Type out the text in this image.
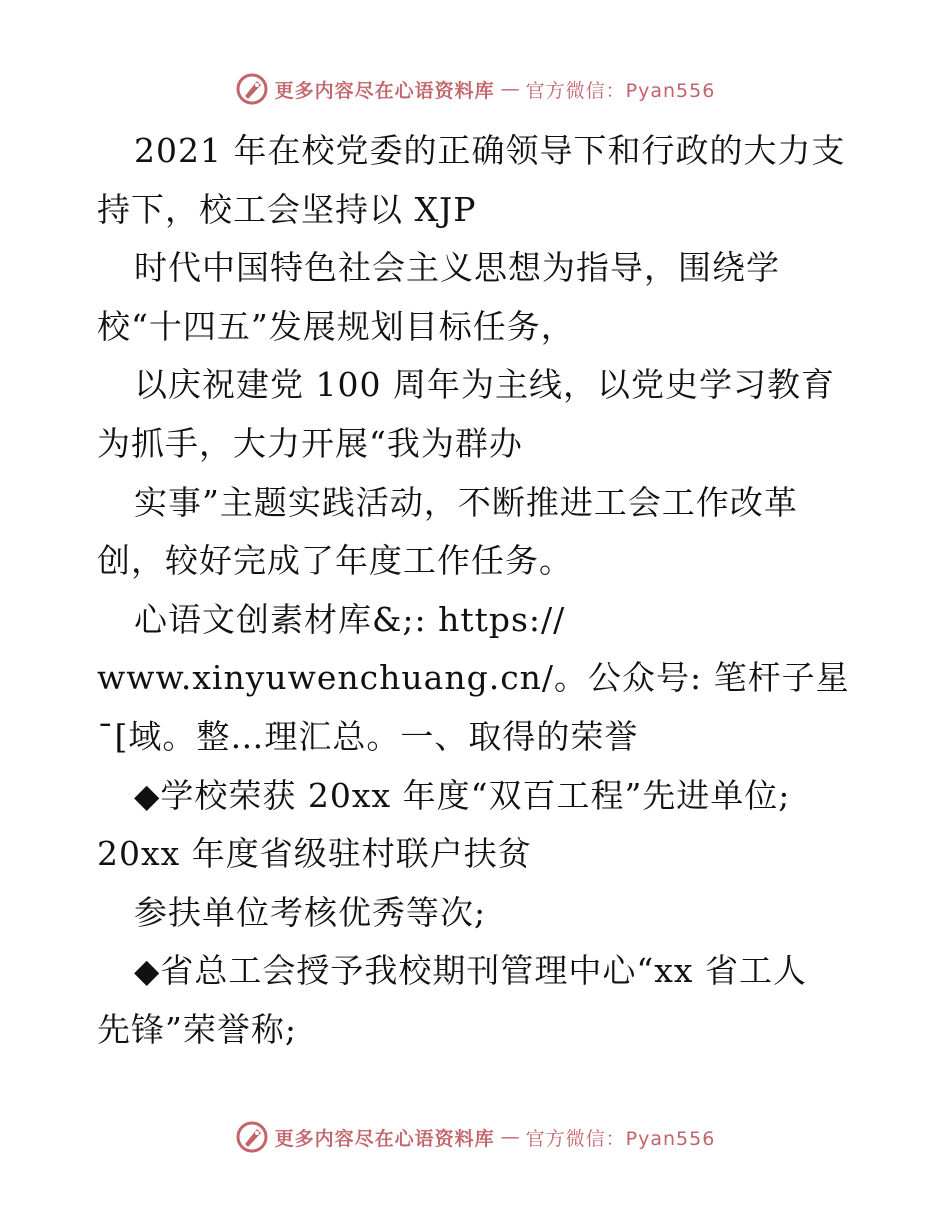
更多内容尽在心语资料库 — 官方微信：Pyan556
2021 年在校党委的正确领导下和行政的大力支
持下，校工会坚持以 XJP
时代中国特色社会主义思想为指导，围绕学
校“十四五”发展规划目标任务，
以庆祝建党 100 周年为主线，以党史学习教育
为抓手，大力开展“我为群办
实事”主题实践活动，不断推进工会工作改革
创，较好完成了年度工作任务。
心语文创素材库&;: https://
www.xinyuwenchuang.cn/。公众号: 笔杆子星
¯[域。整…理汇总。一、取得的荣誉
◆学校荣获 20xx 年度“双百工程”先进单位;
20xx 年度省级驻村联户扶贫
参扶单位考核优秀等次;
◆省总工会授予我校期刊管理中心“xx 省工人
先锋”荣誉称;
更多内容尽在心语资料库 — 官方微信：Pyan556
